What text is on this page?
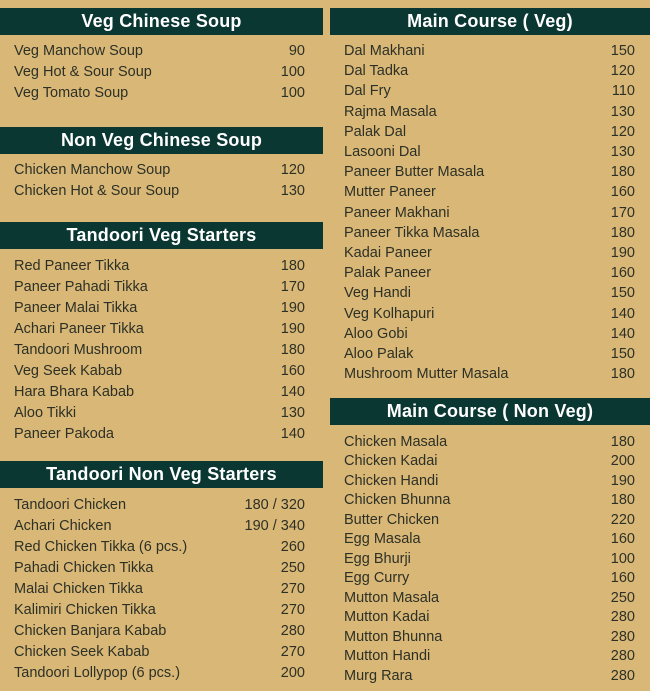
Veg Chinese Soup
Veg Manchow Soup	90
Veg Hot & Sour Soup	100
Veg Tomato Soup	100
Non Veg Chinese Soup
Chicken Manchow Soup	120
Chicken Hot & Sour Soup	130
Tandoori Veg Starters
Red Paneer Tikka	180
Paneer Pahadi Tikka	170
Paneer Malai Tikka	190
Achari Paneer Tikka	190
Tandoori Mushroom	180
Veg Seek Kabab	160
Hara Bhara Kabab	140
Aloo Tikki	130
Paneer Pakoda	140
Tandoori Non Veg Starters
Tandoori Chicken	180 / 320
Achari Chicken	190 / 340
Red Chicken Tikka (6 pcs.)	260
Pahadi Chicken Tikka	250
Malai Chicken Tikka	270
Kalimiri Chicken Tikka	270
Chicken Banjara Kabab	280
Chicken Seek Kabab	270
Tandoori Lollypop (6 pcs.)	200
Main Course ( Veg)
Dal Makhani	150
Dal Tadka	120
Dal Fry	110
Rajma Masala	130
Palak Dal	120
Lasooni Dal	130
Paneer Butter Masala	180
Mutter Paneer	160
Paneer Makhani	170
Paneer Tikka Masala	180
Kadai Paneer	190
Palak Paneer	160
Veg Handi	150
Veg Kolhapuri	140
Aloo Gobi	140
Aloo Palak	150
Mushroom Mutter Masala	180
Main Course ( Non Veg)
Chicken Masala	180
Chicken Kadai	200
Chicken Handi	190
Chicken Bhunna	180
Butter Chicken	220
Egg Masala	160
Egg Bhurji	100
Egg Curry	160
Mutton Masala	250
Mutton Kadai	280
Mutton Bhunna	280
Mutton Handi	280
Murg Rara	280
